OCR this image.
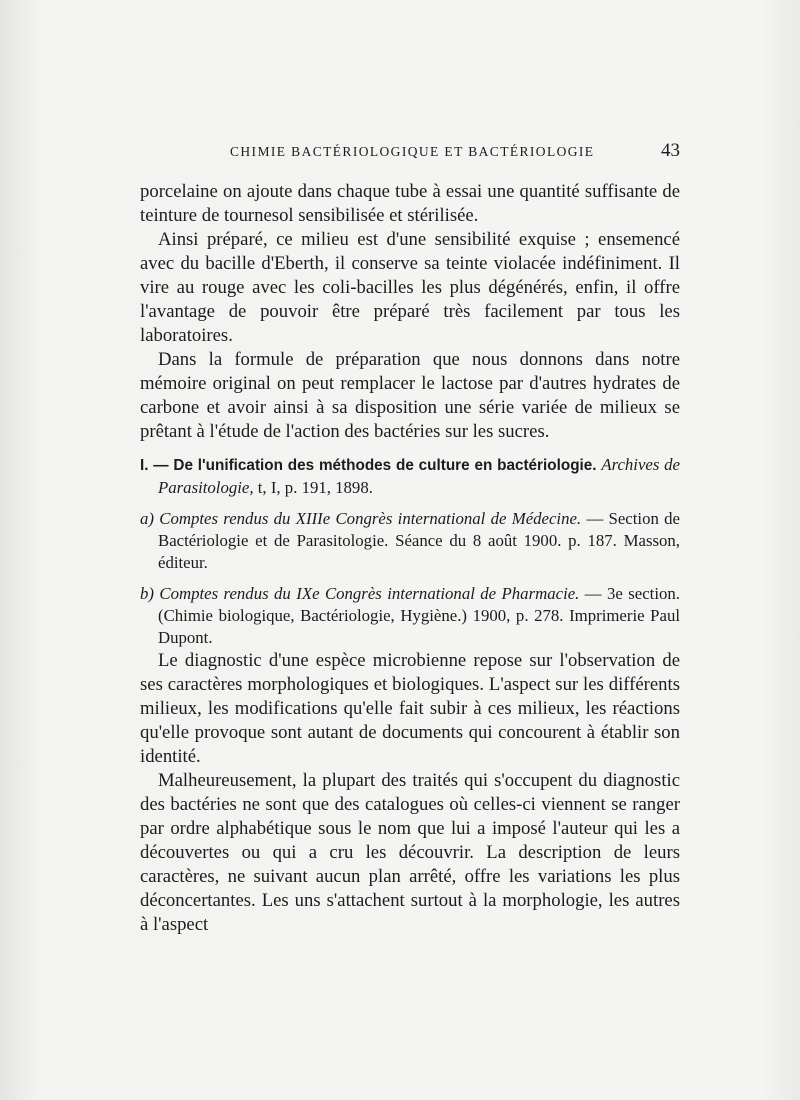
CHIMIE BACTÉRIOLOGIQUE ET BACTÉRIOLOGIE	43

porcelaine on ajoute dans chaque tube à essai une quantité suffisante de teinture de tournesol sensibilisée et stérilisée.

Ainsi préparé, ce milieu est d'une sensibilité exquise ; ensemencé avec du bacille d'Eberth, il conserve sa teinte violacée indéfiniment. Il vire au rouge avec les coli-bacilles les plus dégénérés, enfin, il offre l'avantage de pouvoir être préparé très facilement par tous les laboratoires.

Dans la formule de préparation que nous donnons dans notre mémoire original on peut remplacer le lactose par d'autres hydrates de carbone et avoir ainsi à sa disposition une série variée de milieux se prêtant à l'étude de l'action des bactéries sur les sucres.

I. — De l'unification des méthodes de culture en bactériologie. Archives de Parasitologie, t, I, p. 191, 1898.
a) Comptes rendus du XIIIe Congrès international de Médecine. — Section de Bactériologie et de Parasitologie. Séance du 8 août 1900. p. 187. Masson, éditeur.
b) Comptes rendus du IXe Congrès international de Pharmacie. — 3e section. (Chimie biologique, Bactériologie, Hygiène.) 1900, p. 278. Imprimerie Paul Dupont.

Le diagnostic d'une espèce microbienne repose sur l'observation de ses caractères morphologiques et biologiques. L'aspect sur les différents milieux, les modifications qu'elle fait subir à ces milieux, les réactions qu'elle provoque sont autant de documents qui concourent à établir son identité.

Malheureusement, la plupart des traités qui s'occupent du diagnostic des bactéries ne sont que des catalogues où celles-ci viennent se ranger par ordre alphabétique sous le nom que lui a imposé l'auteur qui les a découvertes ou qui a cru les découvrir. La description de leurs caractères, ne suivant aucun plan arrêté, offre les variations les plus déconcertantes. Les uns s'attachent surtout à la morphologie, les autres à l'aspect
